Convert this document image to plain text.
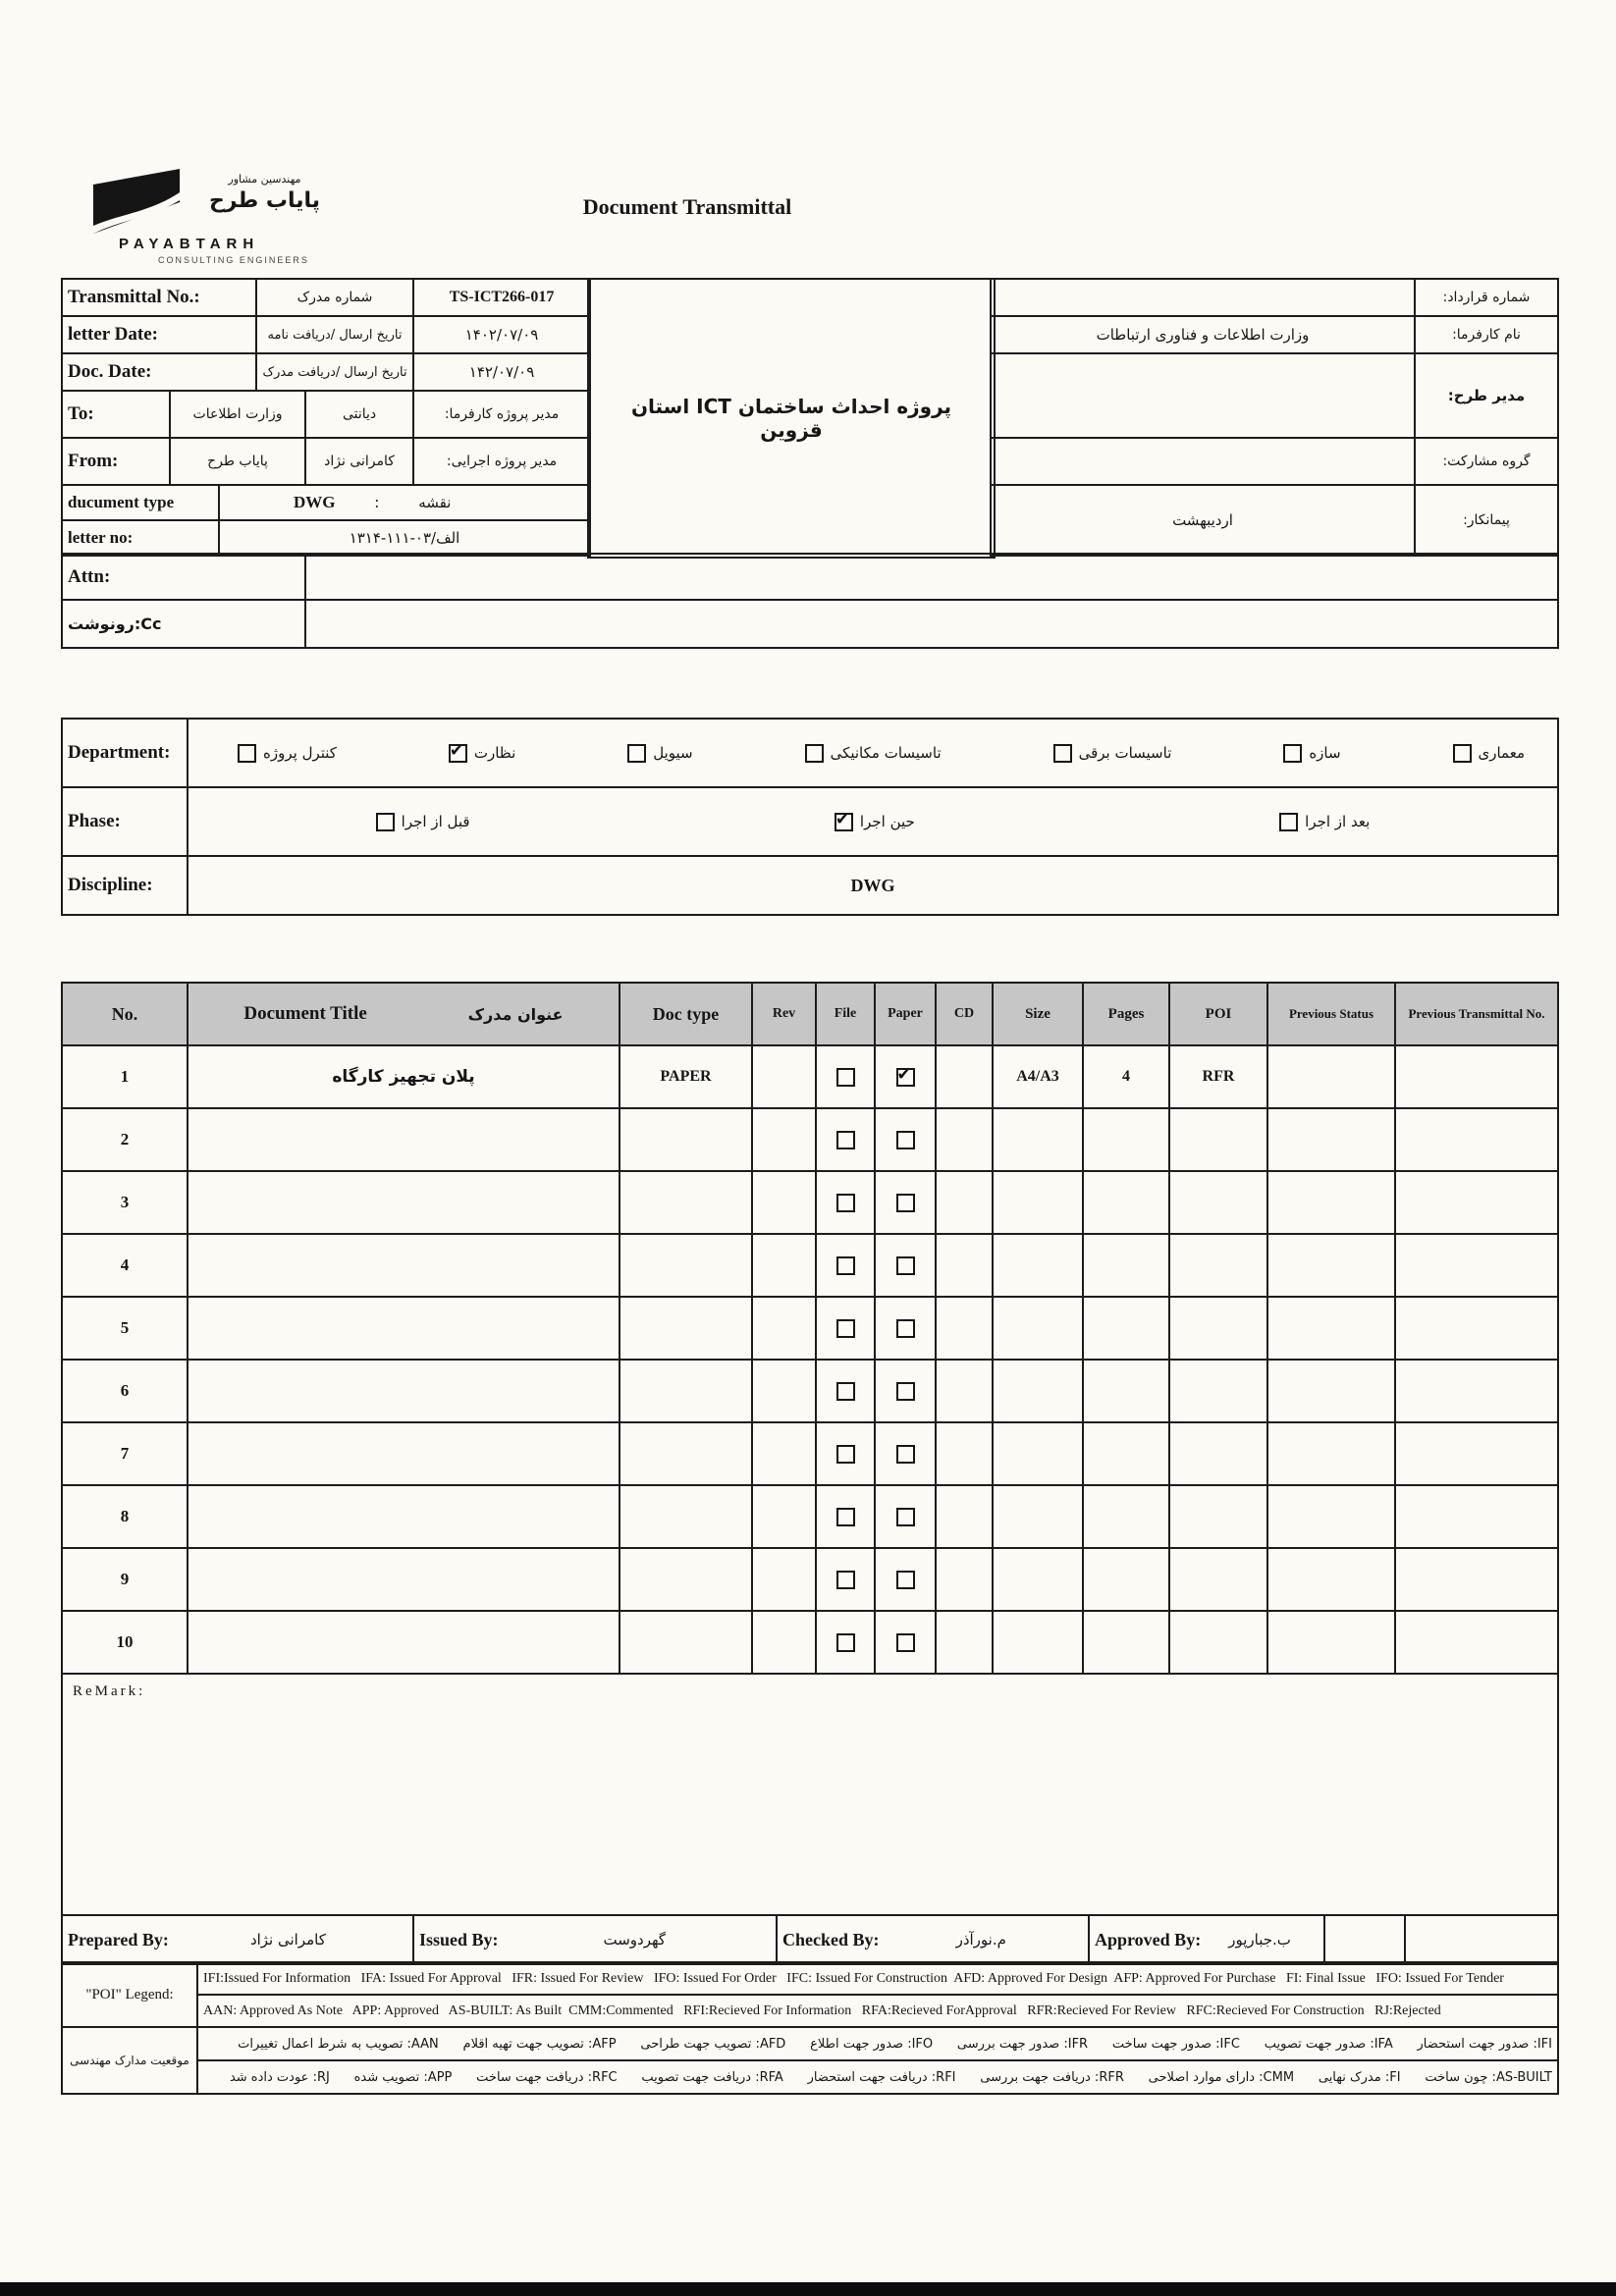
مهندسین مشاور
پایاب طرح
PAYABTARH
CONSULTING ENGINEERS
Document Transmittal
Transmittal No.:			شماره مدرک		TS-ICT266-017
letter Date:			تاریخ ارسال /دریافت نامه		۱۴۰۲/۰۷/۰۹
Doc. Date:			تاریخ ارسال /دریافت مدرک		۱۴۲/۰۷/۰۹
To:	وزارت اطلاعات			دیانتی	مدیر پروژه کارفرما:
From:	پایاب طرح			کامرانی نژاد	مدیر پروژه اجرایی:
ducument type		DWG : نقشه			

letter no:		۱۳۱۴-۱۱۱-۰۳/الف			
پروژه احداث ساختمان ICT استان قزوین
	شماره قرارداد:
وزارت اطلاعات و فناوری ارتباطات	نام کارفرما:
	مدیر طرح:
	گروه مشارکت:
اردیبهشت	پیمانکار:
Attn:	
رونوشت:Cc	
Department:	کنترل پروژه ✔	نظارت	سیویل	تاسیسات مکانیکی	تاسیسات برقی	سازه	معماری

Phase:	قبل از اجرا ✔ حین اجرا بعد از اجرا

Discipline:	DWG
No.	Document Title عنوان مدرک	Doc type	Rev	File	Paper	CD	Size	Pages	POI	Previous Status	Previous Transmittal No.
1	پلان تجهیز کارگاه	PAPER			✔		A4/A3	4	RFR		
2											
3											
4											
5											
6											
7											
8											
9											
10											
ReMark:											
Prepared By:	کامرانی نژاد	Issued By:	گهردوست	Checked By:	م.نورآذر	Approved By: ب.جبارپور

"POI" Legend:	IFI:Issued For Information   IFA: Issued For Approval   IFR: Issued For Review   IFO: Issued For Order   IFC: Issued For Construction  AFD: Approved For Design  AFP: Approved For Purchase   FI: Final Issue   IFO: Issued For Tender
	AAN: Approved As Note   APP: Approved   AS-BUILT: As Built  CMM:Commented   RFI:Recieved For Information   RFA:Recieved ForApproval   RFR:Recieved For Review   RFC:Recieved For Construction   RJ:Rejected
موقعیت مدارک مهندسی	IFI: صدور جهت استحضار      IFA: صدور جهت تصویب      IFC: صدور جهت ساخت      IFR: صدور جهت بررسی      IFO: صدور جهت اطلاع      AFD: تصویب جهت طراحی      AFP: تصویب جهت تهیه اقلام      AAN: تصویب به شرط اعمال تغییرات
	AS-BUILT: چون ساخت      FI: مدرک نهایی      CMM: دارای موارد اصلاحی      RFR: دریافت جهت بررسی      RFI: دریافت جهت استحضار      RFA: دریافت جهت تصویب      RFC: دریافت جهت ساخت      APP: تصویب شده      RJ: عودت داده شد
